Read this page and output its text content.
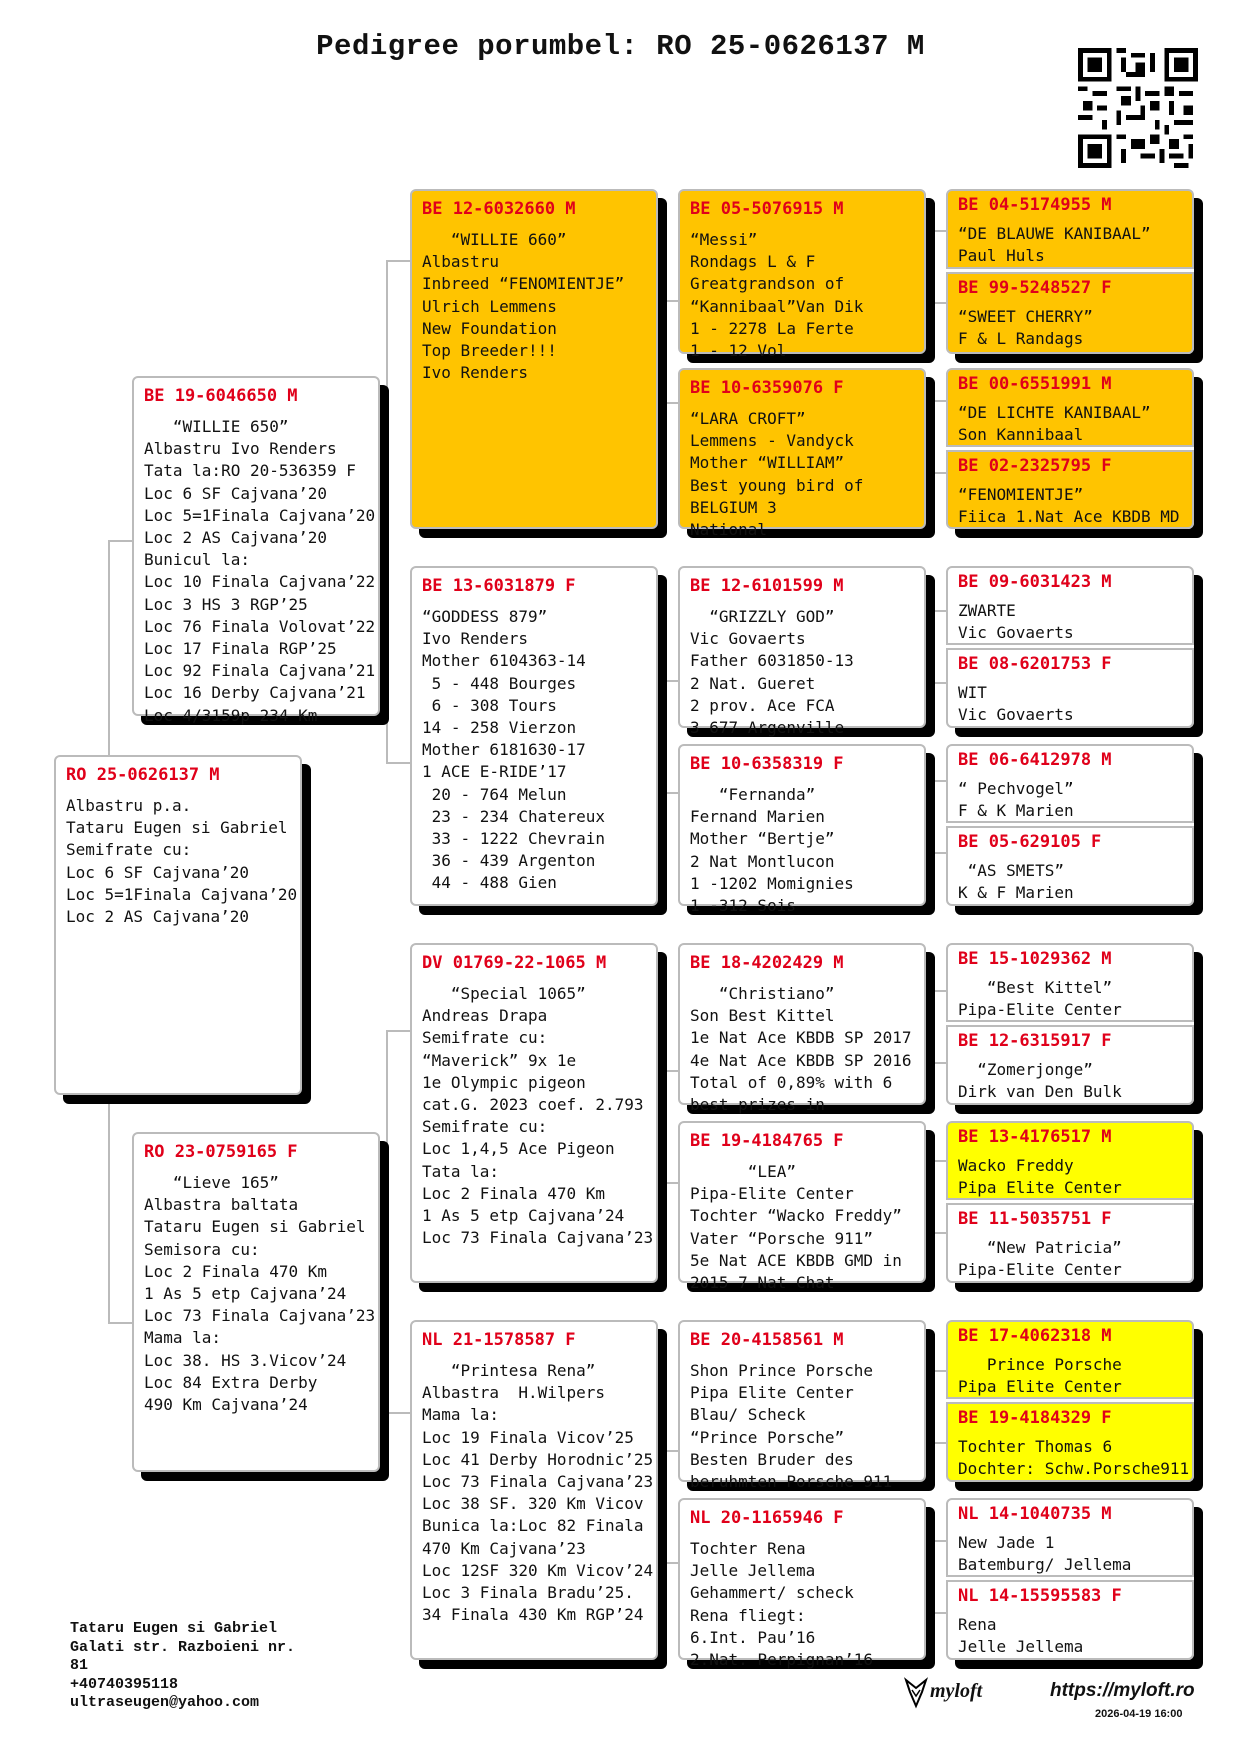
Pedigree porumbel: RO 25-0626137 M
RO 25-0626137 M
Albastru p.a.
Tataru Eugen si Gabriel
Semifrate cu:
Loc 6 SF Cajvana’20
Loc 5=1Finala Cajvana’20
Loc 2 AS Cajvana’20
BE 19-6046650 M
“WILLIE 650”
Albastru Ivo Renders
Tata la:RO 20-536359 F
Loc 6 SF Cajvana’20
Loc 5=1Finala Cajvana’20
Loc 2 AS Cajvana’20
Bunicul la:
Loc 10 Finala Cajvana’22
Loc 3 HS 3 RGP’25
Loc 76 Finala Volovat’22
Loc 17 Finala RGP’25
Loc 92 Finala Cajvana’21
Loc 16 Derby Cajvana’21
Loc 4/3159p 234 Km
RO 23-0759165 F
“Lieve 165”
Albastra baltata
Tataru Eugen si Gabriel
Semisora cu:
Loc 2 Finala 470 Km
1 As 5 etp Cajvana’24
Loc 73 Finala Cajvana’23
Mama la:
Loc 38. HS 3.Vicov’24
Loc 84 Extra Derby
490 Km Cajvana’24
BE 12-6032660 M
“WILLIE 660”
Albastru
Inbreed “FENOMIENTJE”
Ulrich Lemmens
New Foundation
Top Breeder!!!
Ivo Renders
BE 13-6031879 F
“GODDESS 879”
Ivo Renders
Mother 6104363-14
5 - 448 Bourges
6 - 308 Tours
14 - 258 Vierzon
Mother 6181630-17
1 ACE E-RIDE’17
20 - 764 Melun
23 - 234 Chatereux
33 - 1222 Chevrain
36 - 439 Argenton
44 - 488 Gien
DV 01769-22-1065 M
“Special 1065”
Andreas Drapa
Semifrate cu:
“Maverick” 9x 1e
1e Olympic pigeon
cat.G. 2023 coef. 2.793
Semifrate cu:
Loc 1,4,5 Ace Pigeon
Tata la:
Loc 2 Finala 470 Km
1 As 5 etp Cajvana’24
Loc 73 Finala Cajvana’23
NL 21-1578587 F
“Printesa Rena”
Albastra  H.Wilpers
Mama la:
Loc 19 Finala Vicov’25
Loc 41 Derby Horodnic’25
Loc 73 Finala Cajvana’23
Loc 38 SF. 320 Km Vicov
Bunica la:Loc 82 Finala
470 Km Cajvana’23
Loc 12SF 320 Km Vicov’24
Loc 3 Finala Bradu’25.
34 Finala 430 Km RGP’24
BE 05-5076915 M
“Messi”
Rondags L & F
Greatgrandson of
“Kannibaal”Van Dik
1 - 2278 La Ferte
1 - 12 Vol
BE 10-6359076 F
“LARA CROFT”
Lemmens - Vandyck
Mother “WILLIAM”
Best young bird of
BELGIUM 3
National
BE 12-6101599 M
“GRIZZLY GOD”
Vic Govaerts
Father 6031850-13
2 Nat. Gueret
2 prov. Ace FCA
3 677 Argenville
BE 10-6358319 F
“Fernanda”
Fernand Marien
Mother “Bertje”
2 Nat Montlucon
1 -1202 Momignies
1 -312 Sois
BE 18-4202429 M
“Christiano”
Son Best Kittel
1e Nat Ace KBDB SP 2017
4e Nat Ace KBDB SP 2016
Total of 0,89% with 6
best prizes in
BE 19-4184765 F
“LEA”
Pipa-Elite Center
Tochter “Wacko Freddy”
Vater “Porsche 911”
5e Nat ACE KBDB GMD in
2015 7 Nat Chat
BE 20-4158561 M
Shon Prince Porsche
Pipa Elite Center
Blau/ Scheck
“Prince Porsche”
Besten Bruder des
beruhmten Porsche 911
NL 20-1165946 F
Tochter Rena
Jelle Jellema
Gehammert/ scheck
Rena fliegt:
6.Int. Pau’16
2.Nat. Perpignan’16
BE 04-5174955 M
“DE BLAUWE KANIBAAL”
Paul Huls
BE 99-5248527 F
“SWEET CHERRY”
F & L Randags
BE 00-6551991 M
“DE LICHTE KANIBAAL”
Son Kannibaal
BE 02-2325795 F
“FENOMIENTJE”
Fiica 1.Nat Ace KBDB MD
BE 09-6031423 M
ZWARTE
Vic Govaerts
BE 08-6201753 F
WIT
Vic Govaerts
BE 06-6412978 M
“ Pechvogel”
F & K Marien
BE 05-629105 F
“AS SMETS”
K & F Marien
BE 15-1029362 M
“Best Kittel”
Pipa-Elite Center
BE 12-6315917 F
“Zomerjonge”
Dirk van Den Bulk
BE 13-4176517 M
Wacko Freddy
Pipa Elite Center
BE 11-5035751 F
“New Patricia”
Pipa-Elite Center
BE 17-4062318 M
Prince Porsche
Pipa Elite Center
BE 19-4184329 F
Tochter Thomas 6
Dochter: Schw.Porsche911
NL 14-1040735 M
New Jade 1
Batemburg/ Jellema
NL 14-15595583 F
Rena
Jelle Jellema
Tataru Eugen si Gabriel
Galati str. Razboieni nr.
81
+40740395118
ultraseugen@yahoo.com
myloft	https://myloft.ro
2026-04-19 16:00
